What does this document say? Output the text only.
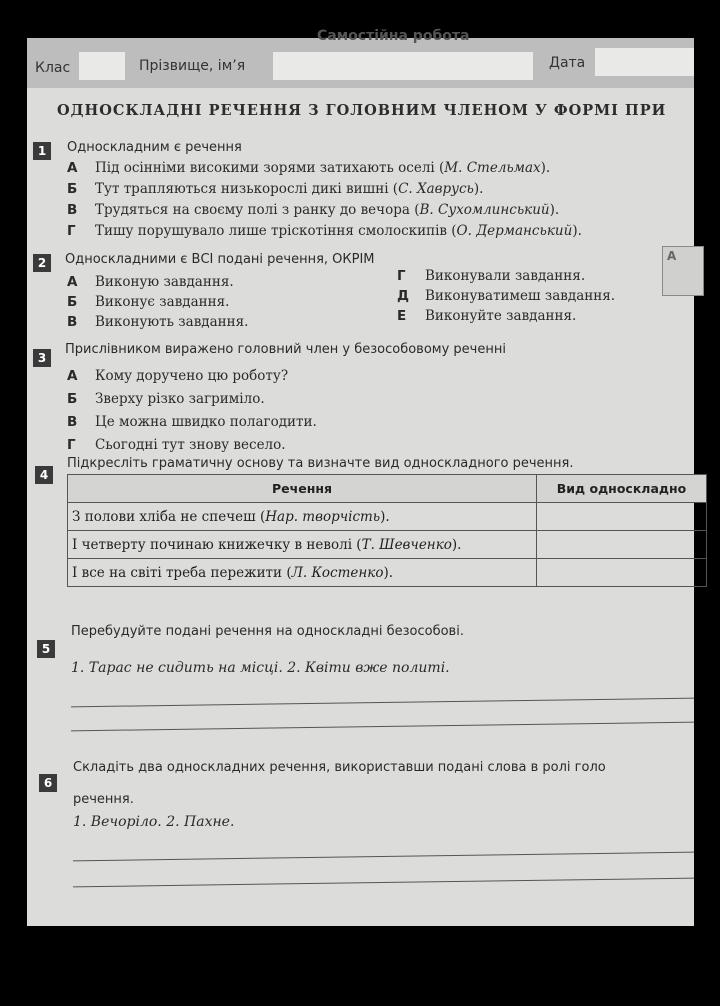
Самостійна робота
Клас	Прізвище, ім’я	Дата
ОДНОСКЛАДНІ РЕЧЕННЯ З ГОЛОВНИМ ЧЛЕНОМ У ФОРМІ ПРИ
1	Односкладним є речення
А Під осінніми високими зорями затихають оселі (М. Стельмах).
Б Тут трапляються низькорослі дикі вишні (С. Хаврусь).
В Трудяться на своєму полі з ранку до вечора (В. Сухомлинський).
Г Тишу порушувало лише тріскотіння смолоскипів (О. Дерманський).
2	Односкладними є ВСІ подані речення, ОКРІМ	А
А Виконую завдання.
Б Виконує завдання.
В Виконують завдання.
Г Виконували завдання.
Д Виконуватимеш завдання.
Е Виконуйте завдання.
3
Прислівником виражено головний член у безособовому реченні
А Кому доручено цю роботу?
Б Зверху різко загриміло.
В Це можна швидко полагодити.
Г Сьогодні тут знову весело.
4
Підкресліть граматичну основу та визначте вид односкладного речення.
Речення	Вид односкладно
З полови хліба не спечеш (Нар. творчість).	
І четверту починаю книжечку в неволі (Т. Шевченко).	
І все на світі треба пережити (Л. Костенко).	
5
Перебудуйте подані речення на односкладні безособові.
1. Тарас не сидить на місці. 2. Квіти вже политі.
6
Складіть два односкладних речення, використавши подані слова в ролі голо
речення.
1. Вечоріло. 2. Пахне.
